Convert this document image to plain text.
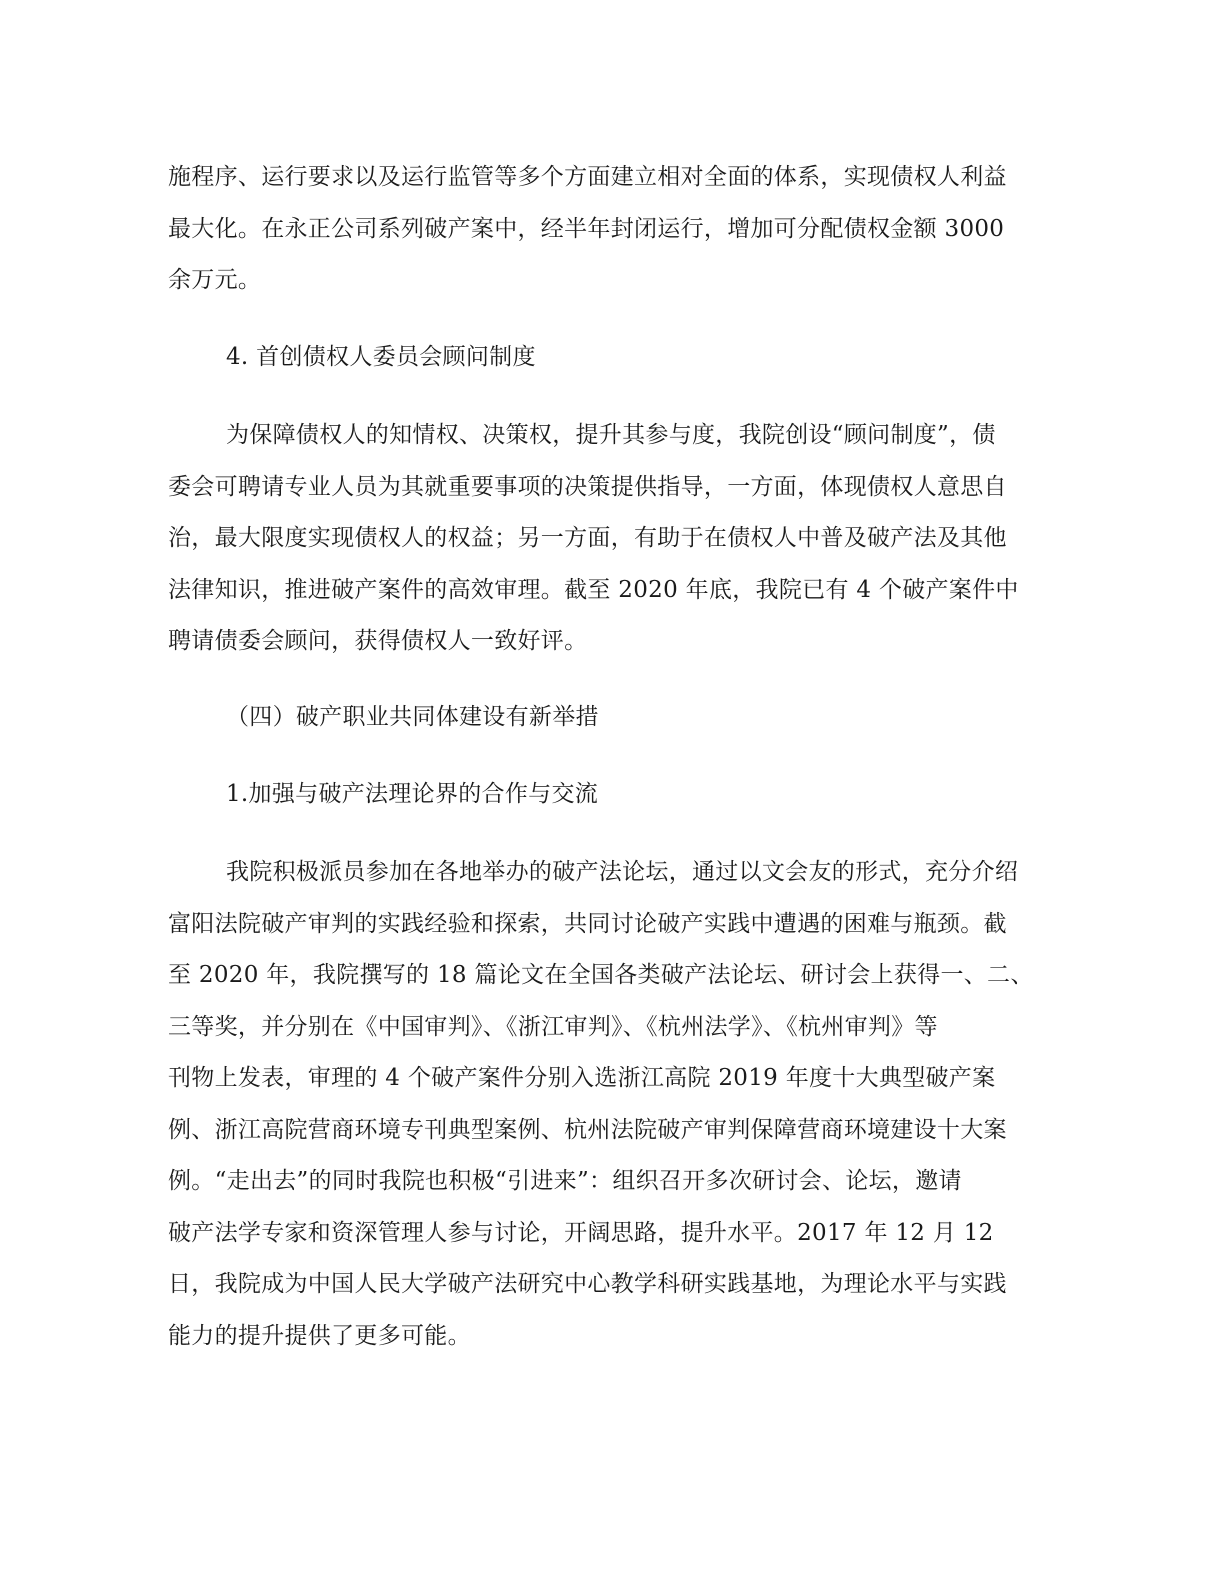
施程序、运行要求以及运行监管等多个方面建立相对全面的体系，实现债权人利益
最大化。在永正公司系列破产案中，经半年封闭运行，增加可分配债权金额 3000
余万元。
4. 首创债权人委员会顾问制度
为保障债权人的知情权、决策权，提升其参与度，我院创设“顾问制度”，债
委会可聘请专业人员为其就重要事项的决策提供指导，一方面，体现债权人意思自
治，最大限度实现债权人的权益；另一方面，有助于在债权人中普及破产法及其他
法律知识，推进破产案件的高效审理。截至 2020 年底，我院已有 4 个破产案件中
聘请债委会顾问，获得债权人一致好评。
（四）破产职业共同体建设有新举措
1.加强与破产法理论界的合作与交流
我院积极派员参加在各地举办的破产法论坛，通过以文会友的形式，充分介绍
富阳法院破产审判的实践经验和探索，共同讨论破产实践中遭遇的困难与瓶颈。截
至 2020 年，我院撰写的 18 篇论文在全国各类破产法论坛、研讨会上获得一、二、
三等奖，并分别在《中国审判》、《浙江审判》、《杭州法学》、《杭州审判》等
刊物上发表，审理的 4 个破产案件分别入选浙江高院 2019 年度十大典型破产案
例、浙江高院营商环境专刊典型案例、杭州法院破产审判保障营商环境建设十大案
例。“走出去”的同时我院也积极“引进来”：组织召开多次研讨会、论坛，邀请
破产法学专家和资深管理人参与讨论，开阔思路，提升水平。2017 年 12 月 12
日，我院成为中国人民大学破产法研究中心教学科研实践基地，为理论水平与实践
能力的提升提供了更多可能。
